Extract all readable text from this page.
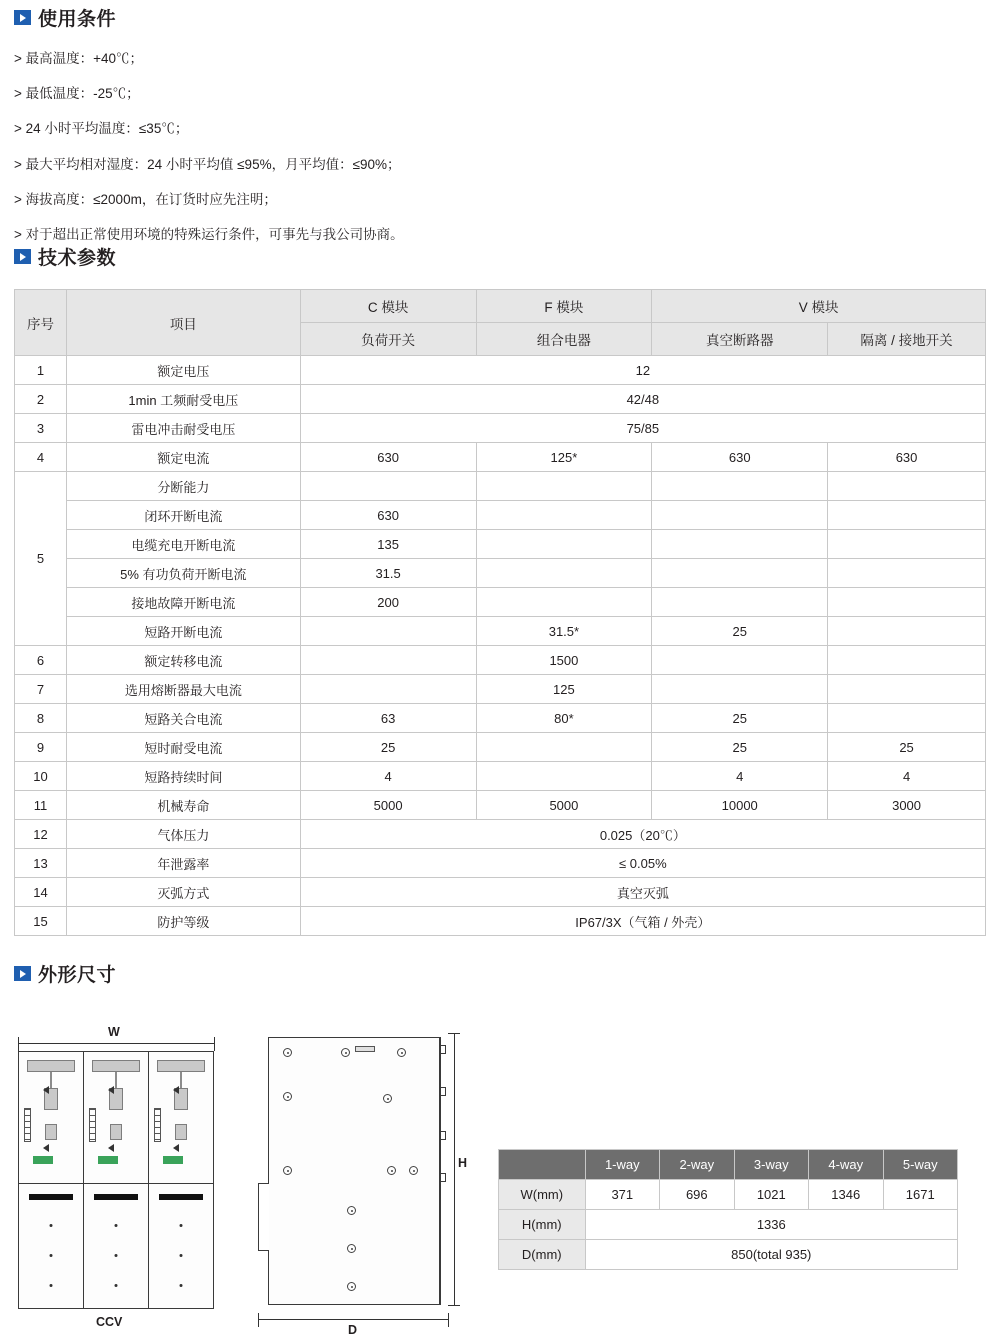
使用条件
> 最高温度：+40℃；
> 最低温度：-25℃；
> 24 小时平均温度：≤35℃；
> 最大平均相对湿度：24 小时平均值 ≤95%，月平均值：≤90%；
> 海拔高度：≤2000m，在订货时应先注明；
> 对于超出正常使用环境的特殊运行条件，可事先与我公司协商。
技术参数
序号	项目	C 模块	F 模块	V 模块	
		负荷开关	组合电器	真空断路器	隔离 / 接地开关
1	额定电压	12			
2	1min 工频耐受电压	42/48			
3	雷电冲击耐受电压	75/85			
4	额定电流	630	125*	630	630
5	分断能力				
	闭环开断电流	630			
	电缆充电开断电流	135			
	5% 有功负荷开断电流	31.5			
	接地故障开断电流	200			
	短路开断电流		31.5*	25	
6	额定转移电流		1500		
7	选用熔断器最大电流		125		
8	短路关合电流	63	80*	25	
9	短时耐受电流	25		25	25
10	短路持续时间	4		4	4
11	机械寿命	5000	5000	10000	3000
12	气体压力	0.025（20℃）			
13	年泄露率	≤ 0.05%			
14	灭弧方式	真空灭弧			
15	防护等级	IP67/3X（气箱 / 外壳）			
外形尺寸
W
CCV
H
D
	1-way	2-way	3-way	4-way	5-way
W(mm)	371	696	1021	1346	1671
H(mm)	1336				
D(mm)	850(total 935)				
